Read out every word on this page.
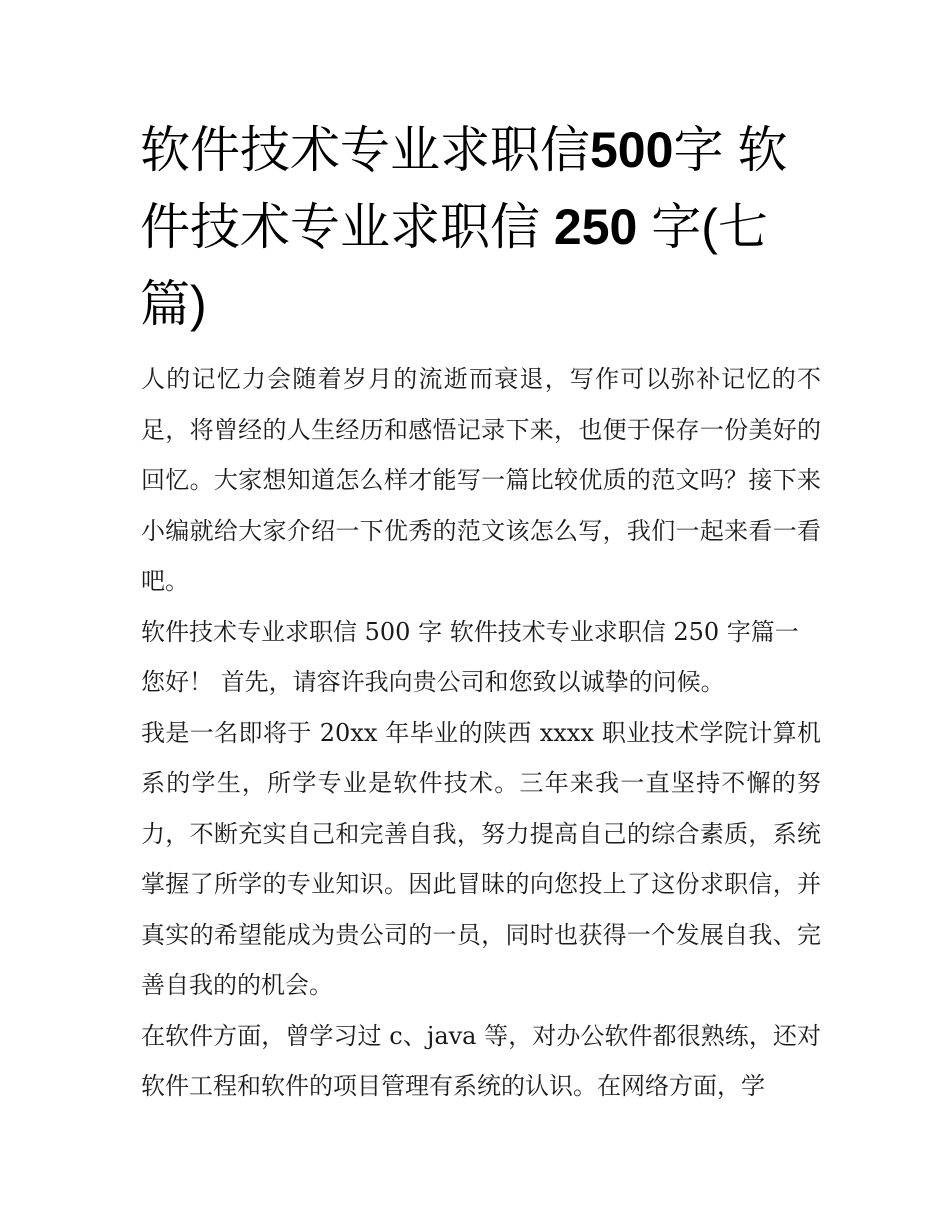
软件技术专业求职信500字 软件技术专业求职信 250 字(七篇)

人的记忆力会随着岁月的流逝而衰退，写作可以弥补记忆的不足，将曾经的人生经历和感悟记录下来，也便于保存一份美好的回忆。大家想知道怎么样才能写一篇比较优质的范文吗？接下来小编就给大家介绍一下优秀的范文该怎么写，我们一起来看一看吧。

软件技术专业求职信 500 字 软件技术专业求职信 250 字篇一

您好！ 首先，请容许我向贵公司和您致以诚挚的问候。

我是一名即将于 20xx 年毕业的陕西 xxxx 职业技术学院计算机系的学生，所学专业是软件技术。三年来我一直坚持不懈的努力，不断充实自己和完善自我，努力提高自己的综合素质，系统掌握了所学的专业知识。因此冒昧的向您投上了这份求职信，并真实的希望能成为贵公司的一员，同时也获得一个发展自我、完善自我的的机会。

在软件方面，曾学习过 c、java 等，对办公软件都很熟练，还对软件工程和软件的项目管理有系统的认识。在网络方面，学
